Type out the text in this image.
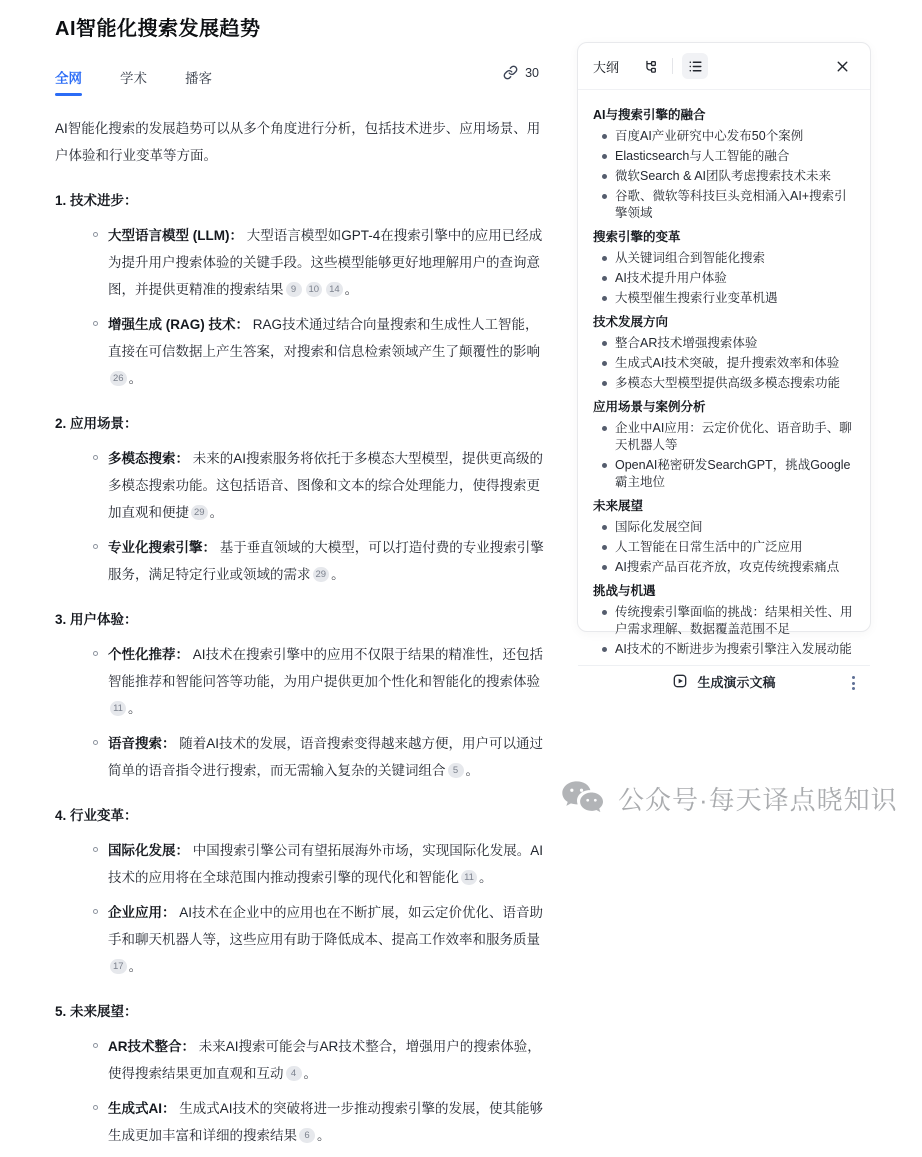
AI智能化搜索发展趋势
全网	学术	播客	30

AI智能化搜索的发展趋势可以从多个角度进行分析，包括技术进步、应用场景、用户体验和行业变革等方面。

1. 技术进步：
大型语言模型 (LLM)： 大型语言模型如GPT-4在搜索引擎中的应用已经成为提升用户搜索体验的关键手段。这些模型能够更好地理解用户的查询意图，并提供更精准的搜索结果 9 10 14 。
增强生成 (RAG) 技术： RAG技术通过结合向量搜索和生成性人工智能，直接在可信数据上产生答案，对搜索和信息检索领域产生了颠覆性的影响26 。
2. 应用场景：
多模态搜索： 未来的AI搜索服务将依托于多模态大型模型，提供更高级的多模态搜索功能。这包括语音、图像和文本的综合处理能力，使得搜索更加直观和便捷 29 。
专业化搜索引擎： 基于垂直领域的大模型，可以打造付费的专业搜索引擎服务，满足特定行业或领域的需求 29 。
3. 用户体验：
个性化推荐： AI技术在搜索引擎中的应用不仅限于结果的精准性，还包括智能推荐和智能问答等功能，为用户提供更加个性化和智能化的搜索体验11 。
语音搜索： 随着AI技术的发展，语音搜索变得越来越方便，用户可以通过简单的语音指令进行搜索，而无需输入复杂的关键词组合 5 。
4. 行业变革：
国际化发展： 中国搜索引擎公司有望拓展海外市场，实现国际化发展。AI技术的应用将在全球范围内推动搜索引擎的现代化和智能化 11 。
企业应用： AI技术在企业中的应用也在不断扩展，如云定价优化、语音助手和聊天机器人等，这些应用有助于降低成本、提高工作效率和服务质量17 。
5. 未来展望：
AR技术整合： 未来AI搜索可能会与AR技术整合，增强用户的搜索体验，使得搜索结果更加直观和互动 4 。
生成式AI： 生成式AI技术的突破将进一步推动搜索引擎的发展，使其能够生成更加丰富和详细的搜索结果 6 。
大纲
AI与搜索引擎的融合
百度AI产业研究中心发布50个案例
Elasticsearch与人工智能的融合
微软Search & AI团队考虑搜索技术未来
谷歌、微软等科技巨头竞相涌入AI+搜索引擎领域
搜索引擎的变革
从关键词组合到智能化搜索
AI技术提升用户体验
大模型催生搜索行业变革机遇
技术发展方向
整合AR技术增强搜索体验
生成式AI技术突破，提升搜索效率和体验
多模态大型模型提供高级多模态搜索功能
应用场景与案例分析
企业中AI应用：云定价优化、语音助手、聊天机器人等
OpenAI秘密研发SearchGPT，挑战Google霸主地位
未来展望
国际化发展空间
人工智能在日常生活中的广泛应用
AI搜索产品百花齐放，攻克传统搜索痛点
挑战与机遇
传统搜索引擎面临的挑战：结果相关性、用户需求理解、数据覆盖范围不足
AI技术的不断进步为搜索引擎注入发展动能
生成演示文稿
公众号·每天译点晓知识
